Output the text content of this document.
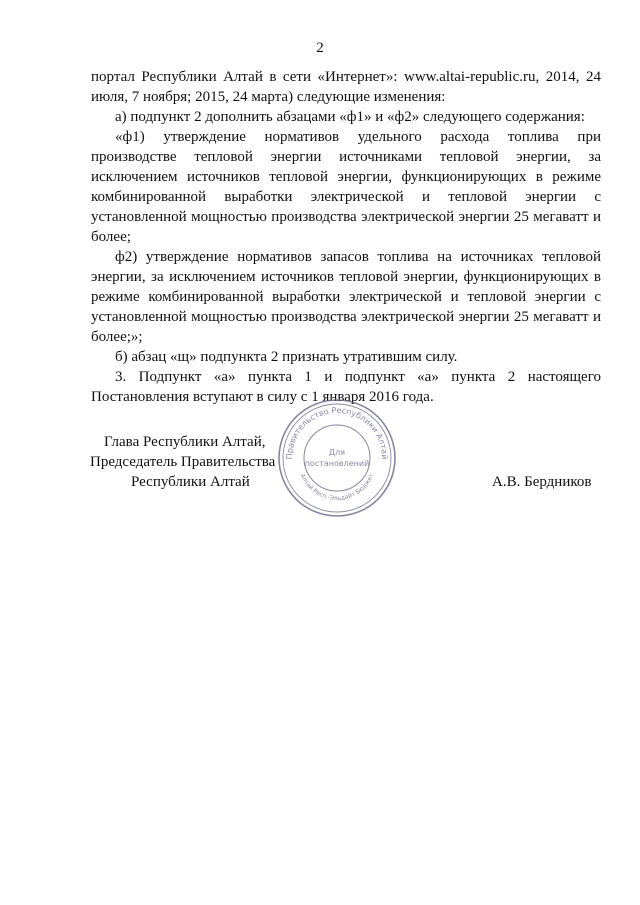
2

портал Республики Алтай в сети «Интернет»: www.altai-republic.ru, 2014, 24 июля, 7 ноября; 2015, 24 марта) следующие изменения:

а) подпункт 2 дополнить абзацами «ф1» и «ф2» следующего содержания:

«ф1) утверждение нормативов удельного расхода топлива при производстве тепловой энергии источниками тепловой энергии, за исключением источников тепловой энергии, функционирующих в режиме комбинированной выработки электрической и тепловой энергии с установленной мощностью производства электрической энергии 25 мегаватт и более;

ф2) утверждение нормативов запасов топлива на источниках тепловой энергии, за исключением источников тепловой энергии, функционирующих в режиме комбинированной выработки электрической и тепловой энергии с установленной мощностью производства электрической энергии 25 мегаватт и более;»;

б) абзац «щ» подпункта 2 признать утратившим силу.

3. Подпункт «а» пункта 1 и подпункт «а» пункта 2 настоящего Постановления вступают в силу с 1 января 2016 года.

Глава Республики Алтай,
Председатель Правительства
Республики Алтай	А.В. Бердников
Правительство Республики Алтай
Алтай Респ.-Эльдайт Бюджет
Для
постановлений
